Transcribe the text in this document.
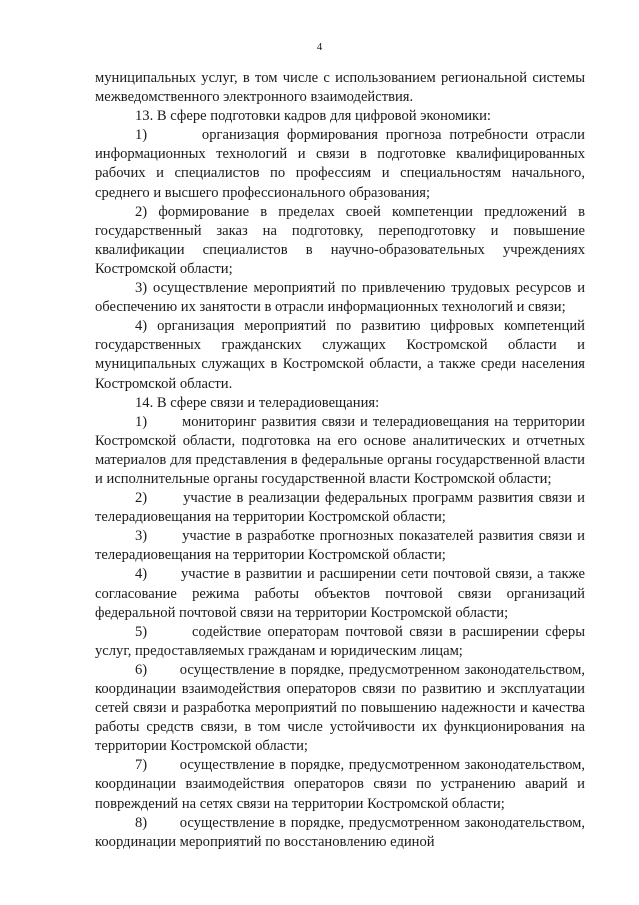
4

муниципальных услуг, в том числе с использованием региональной системы межведомственного электронного взаимодействия.

13. В сфере подготовки кадров для цифровой экономики:

1)       организация формирования прогноза потребности отрасли информационных технологий и связи в подготовке квалифицированных рабочих и специалистов по профессиям и специальностям начального, среднего и высшего профессионального образования;

2) формирование в пределах своей компетенции предложений в государственный заказ на подготовку, переподготовку и повышение квалификации специалистов в научно-образовательных учреждениях Костромской области;

3) осуществление мероприятий по привлечению трудовых ресурсов и обеспечению их занятости в отрасли информационных технологий и связи;

4) организация мероприятий по развитию цифровых компетенций государственных гражданских служащих Костромской области и муниципальных служащих в Костромской области, а также среди населения Костромской области.

14. В сфере связи и телерадиовещания:

1)       мониторинг развития связи и телерадиовещания на территории Костромской области, подготовка на его основе аналитических и отчетных материалов для представления в федеральные органы государственной власти и исполнительные органы государственной власти Костромской области;

2)       участие в реализации федеральных программ развития связи и телерадиовещания на территории Костромской области;

3)       участие в разработке прогнозных показателей развития связи и телерадиовещания на территории Костромской области;

4)       участие в развитии и расширении сети почтовой связи, а также согласование режима работы объектов почтовой связи организаций федеральной почтовой связи на территории Костромской области;

5)       содействие операторам почтовой связи в расширении сферы услуг, предоставляемых гражданам и юридическим лицам;

6)       осуществление в порядке, предусмотренном законодательством, координации взаимодействия операторов связи по развитию и эксплуатации сетей связи и разработка мероприятий по повышению надежности и качества работы средств связи, в том числе устойчивости их функционирования на территории Костромской области;

7)       осуществление в порядке, предусмотренном законодательством, координации взаимодействия операторов связи по устранению аварий и повреждений на сетях связи на территории Костромской области;

8)       осуществление в порядке, предусмотренном законодательством, координации мероприятий по восстановлению единой
